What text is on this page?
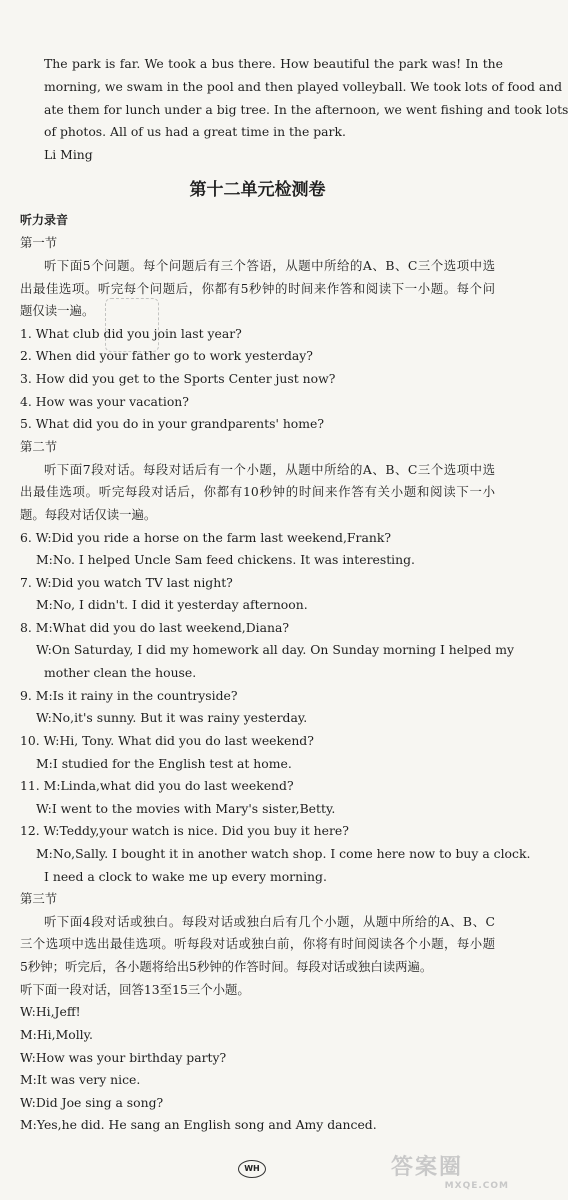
The park is far. We took a bus there. How beautiful the park was! In the
morning, we swam in the pool and then played volleyball. We took lots of food and
ate them for lunch under a big tree. In the afternoon, we went fishing and took lots
of photos. All of us had a great time in the park.
Li Ming
第十二单元检测卷
听力录音
第一节
听下面5个问题。每个问题后有三个答语，从题中所给的A、B、C三个选项中选
出最佳选项。听完每个问题后，你都有5秒钟的时间来作答和阅读下一小题。每个问
题仅读一遍。
1. What club did you join last year?
2. When did your father go to work yesterday?
3. How did you get to the Sports Center just now?
4. How was your vacation?
5. What did you do in your grandparents' home?
第二节
听下面7段对话。每段对话后有一个小题，从题中所给的A、B、C三个选项中选
出最佳选项。听完每段对话后，你都有10秒钟的时间来作答有关小题和阅读下一小
题。每段对话仅读一遍。
6. W:Did you ride a horse on the farm last weekend,Frank?
M:No. I helped Uncle Sam feed chickens. It was interesting.
7. W:Did you watch TV last night?
M:No, I didn't. I did it yesterday afternoon.
8. M:What did you do last weekend,Diana?
W:On Saturday, I did my homework all day. On Sunday morning I helped my
mother clean the house.
9. M:Is it rainy in the countryside?
W:No,it's sunny. But it was rainy yesterday.
10. W:Hi, Tony. What did you do last weekend?
M:I studied for the English test at home.
11. M:Linda,what did you do last weekend?
W:I went to the movies with Mary's sister,Betty.
12. W:Teddy,your watch is nice. Did you buy it here?
M:No,Sally. I bought it in another watch shop. I come here now to buy a clock.
I need a clock to wake me up every morning.
第三节
听下面4段对话或独白。每段对话或独白后有几个小题，从题中所给的A、B、C
三个选项中选出最佳选项。听每段对话或独白前，你将有时间阅读各个小题，每小题
5秒钟；听完后，各小题将给出5秒钟的作答时间。每段对话或独白读两遍。
听下面一段对话，回答13至15三个小题。
W:Hi,Jeff!
M:Hi,Molly.
W:How was your birthday party?
M:It was very nice.
W:Did Joe sing a song?
M:Yes,he did. He sang an English song and Amy danced.
WH	答案圈
MXQE.COM
